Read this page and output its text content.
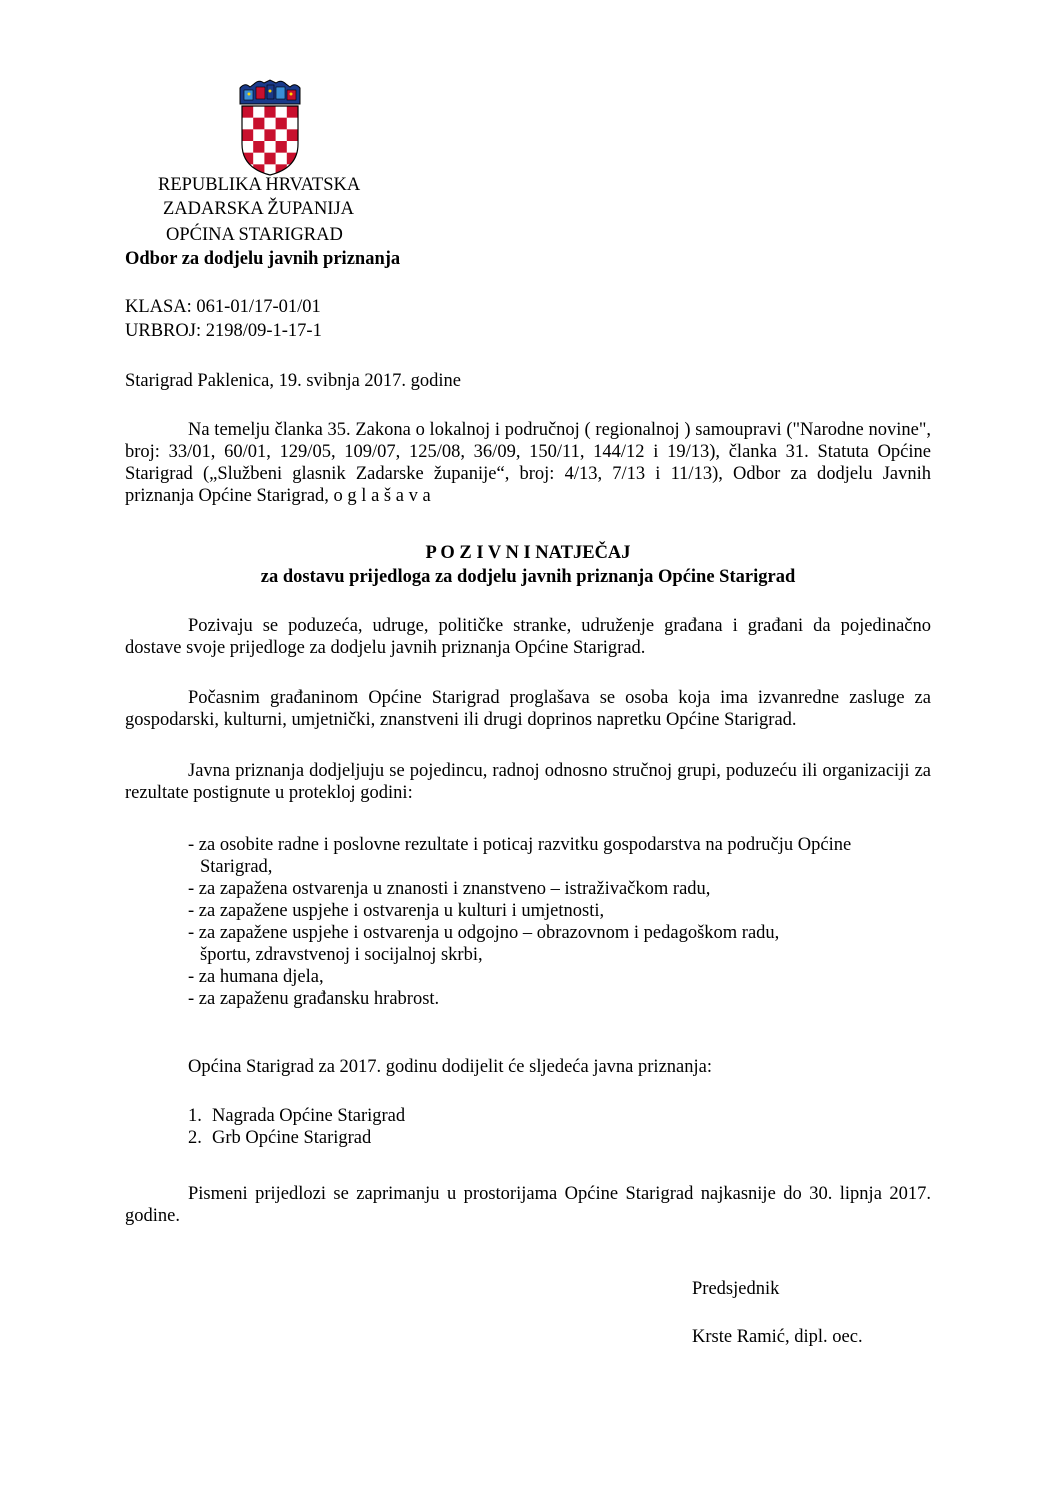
REPUBLIKA HRVATSKA
ZADARSKA ŽUPANIJA
OPĆINA STARIGRAD
Odbor za dodjelu javnih priznanja
KLASA: 061-01/17-01/01
URBROJ: 2198/09-1-17-1
Starigrad Paklenica, 19. svibnja 2017. godine
Na temelju članka 35. Zakona o lokalnoj i područnoj ( regionalnoj ) samoupravi ("Narodne novine", broj: 33/01, 60/01, 129/05, 109/07, 125/08, 36/09, 150/11, 144/12 i 19/13), članka 31. Statuta Općine Starigrad („Službeni glasnik Zadarske županije“, broj: 4/13, 7/13 i 11/13), Odbor za dodjelu Javnih priznanja Općine Starigrad, o g l a š a v a
P O Z I V N I NATJEČAJ
za dostavu prijedloga za dodjelu javnih priznanja Općine Starigrad
Pozivaju se poduzeća, udruge, političke stranke, udruženje građana i građani da pojedinačno dostave svoje prijedloge za dodjelu javnih priznanja Općine Starigrad.
Počasnim građaninom Općine Starigrad proglašava se osoba koja ima izvanredne zasluge za gospodarski, kulturni, umjetnički, znanstveni ili drugi doprinos napretku Općine Starigrad.
Javna priznanja dodjeljuju se pojedincu, radnoj odnosno stručnoj grupi, poduzeću ili organizaciji za rezultate postignute u proteklој godini:
- za osobite radne i poslovne rezultate i poticaj razvitku gospodarstva na području Općine
Starigrad,
- za zapažena ostvarenja u znanosti i znanstveno – istraživačkom radu,
- za zapažene uspjehe i ostvarenja u kulturi i umjetnosti,
- za zapažene uspjehe i ostvarenja u odgojno – obrazovnom i pedagoškom radu,
športu, zdravstvenoj i socijalnoj skrbi,
- za humana djela,
- za zapaženu građansku hrabrost.
Općina Starigrad za 2017. godinu dodijelit će sljedeća javna priznanja:
1. Nagrada Općine Starigrad
2. Grb Općine Starigrad
Pismeni prijedlozi se zaprimanju u prostorijama Općine Starigrad najkasnije do 30. lipnja 2017. godine.
Predsjednik
Krste Ramić, dipl. oec.
